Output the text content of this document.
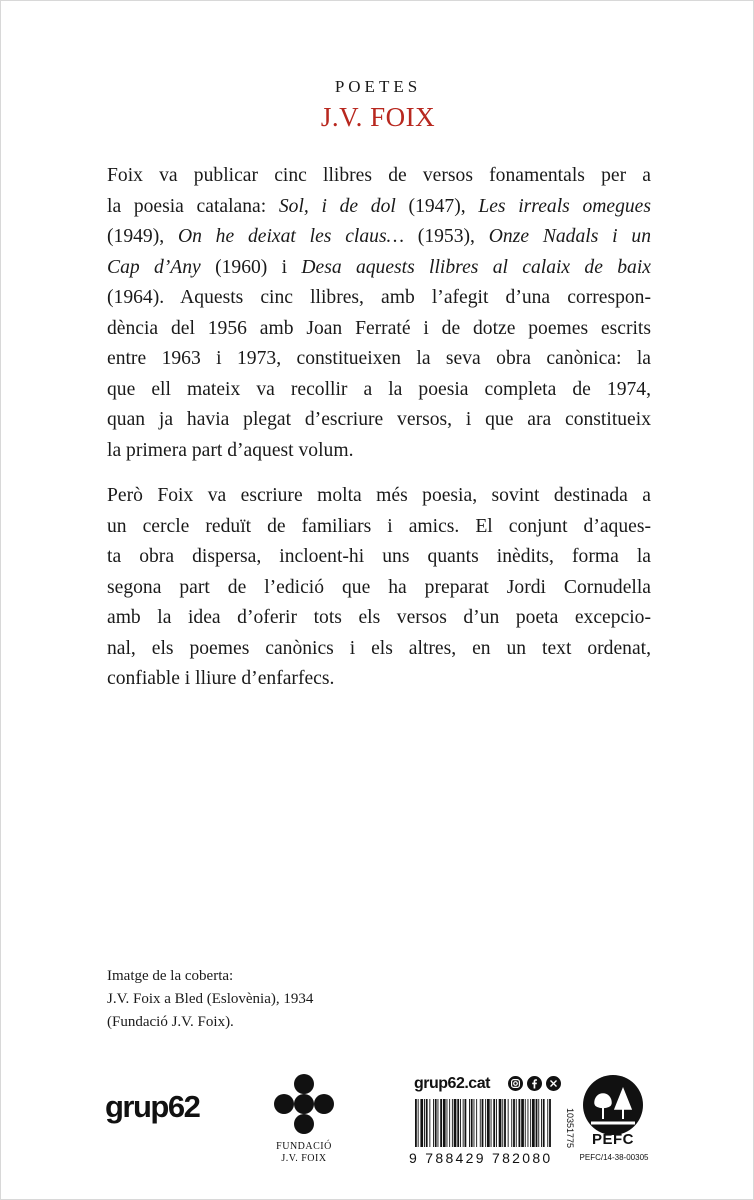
POETES
J.V. FOIX
Foix va publicar cinc llibres de versos fonamentals per a
la poesia catalana: Sol, i de dol (1947), Les irreals omegues
(1949), On he deixat les claus… (1953), Onze Nadals i un
Cap d’Any (1960) i Desa aquests llibres al calaix de baix
(1964). Aquests cinc llibres, amb l’afegit d’una correspon-
dència del 1956 amb Joan Ferraté i de dotze poemes escrits
entre 1963 i 1973, constitueixen la seva obra canònica: la
que ell mateix va recollir a la poesia completa de 1974,
quan ja havia plegat d’escriure versos, i que ara constitueix
la primera part d’aquest volum.
Però Foix va escriure molta més poesia, sovint destinada a
un cercle reduït de familiars i amics. El conjunt d’aques-
ta obra dispersa, incloent-hi uns quants inèdits, forma la
segona part de l’edició que ha preparat Jordi Cornudella
amb la idea d’oferir tots els versos d’un poeta excepcio-
nal, els poemes canònics i els altres, en un text ordenat,
confiable i lliure d’enfarfecs.
Imatge de la coberta:
J.V. Foix a Bled (Eslovènia), 1934
(Fundació J.V. Foix).
grup62
FUNDACIÓ
J.V. FOIX
grup62.cat
9 788429 782080
10351775	PEFC
PEFC/14-38-00305
